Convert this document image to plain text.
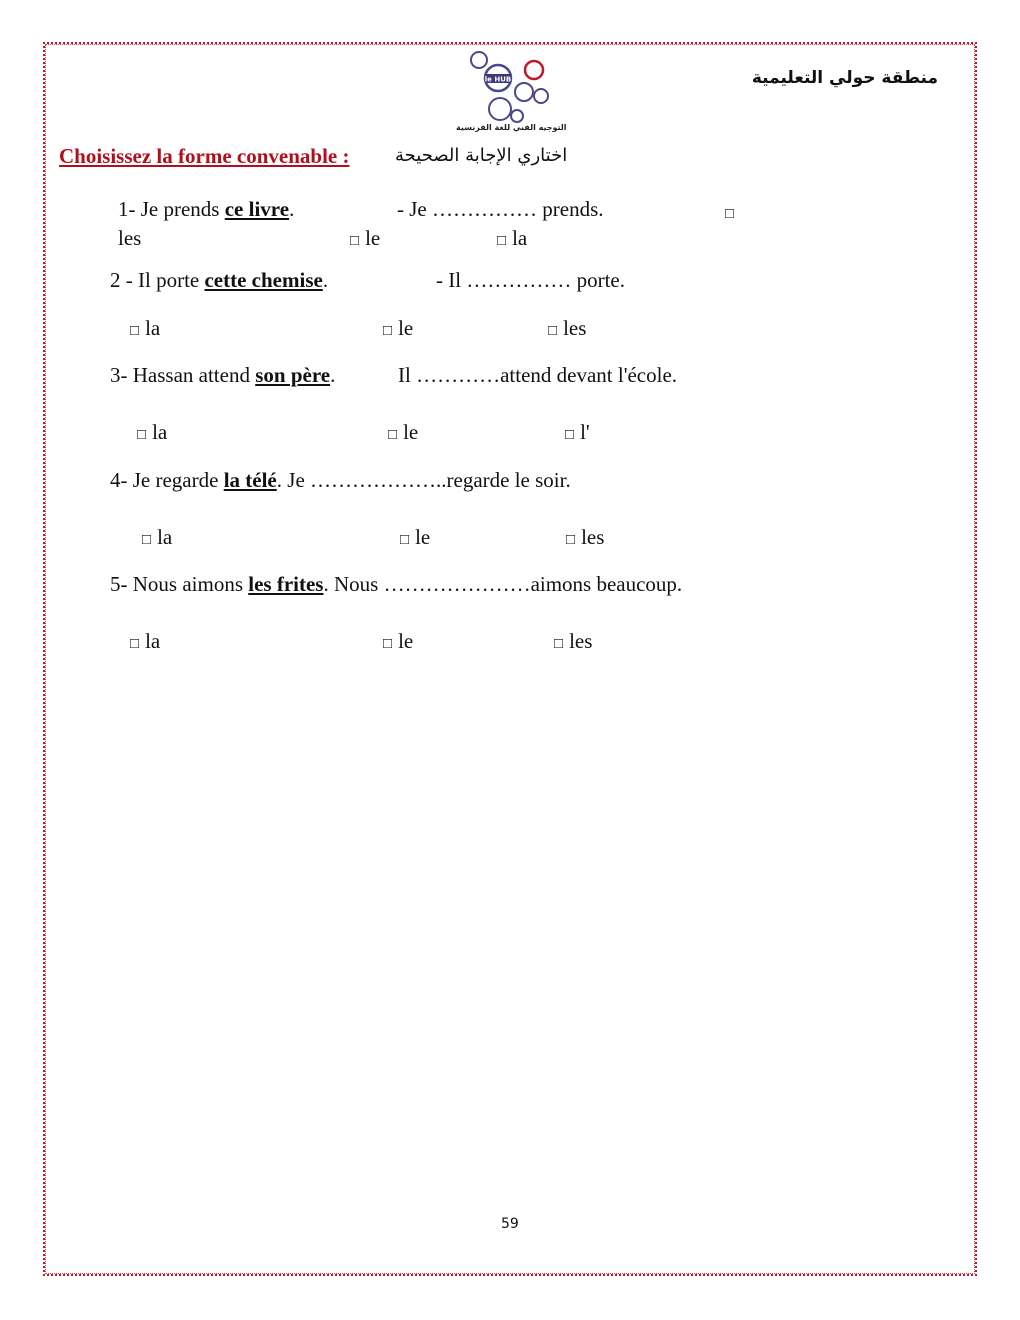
منطقة حولي التعليمية
le HUB
التوجيه الفني للغة الفرنسية
Choisissez la forme convenable :	اختاري الإجابة الصحيحة
1- Je prends ce livre.	- Je …………… prends.	□
les	□ le	□ la
2 - Il porte cette chemise.	- Il …………… porte.
□ la	□ le	□ les
3- Hassan attend son père.	Il …………attend devant l'école.
□ la	□ le	□ l'
4- Je regarde la télé. Je ………………..regarde le soir.
□ la	□ le	□ les
5- Nous aimons les frites. Nous …………………aimons beaucoup.
□ la	□ le	□ les
59
